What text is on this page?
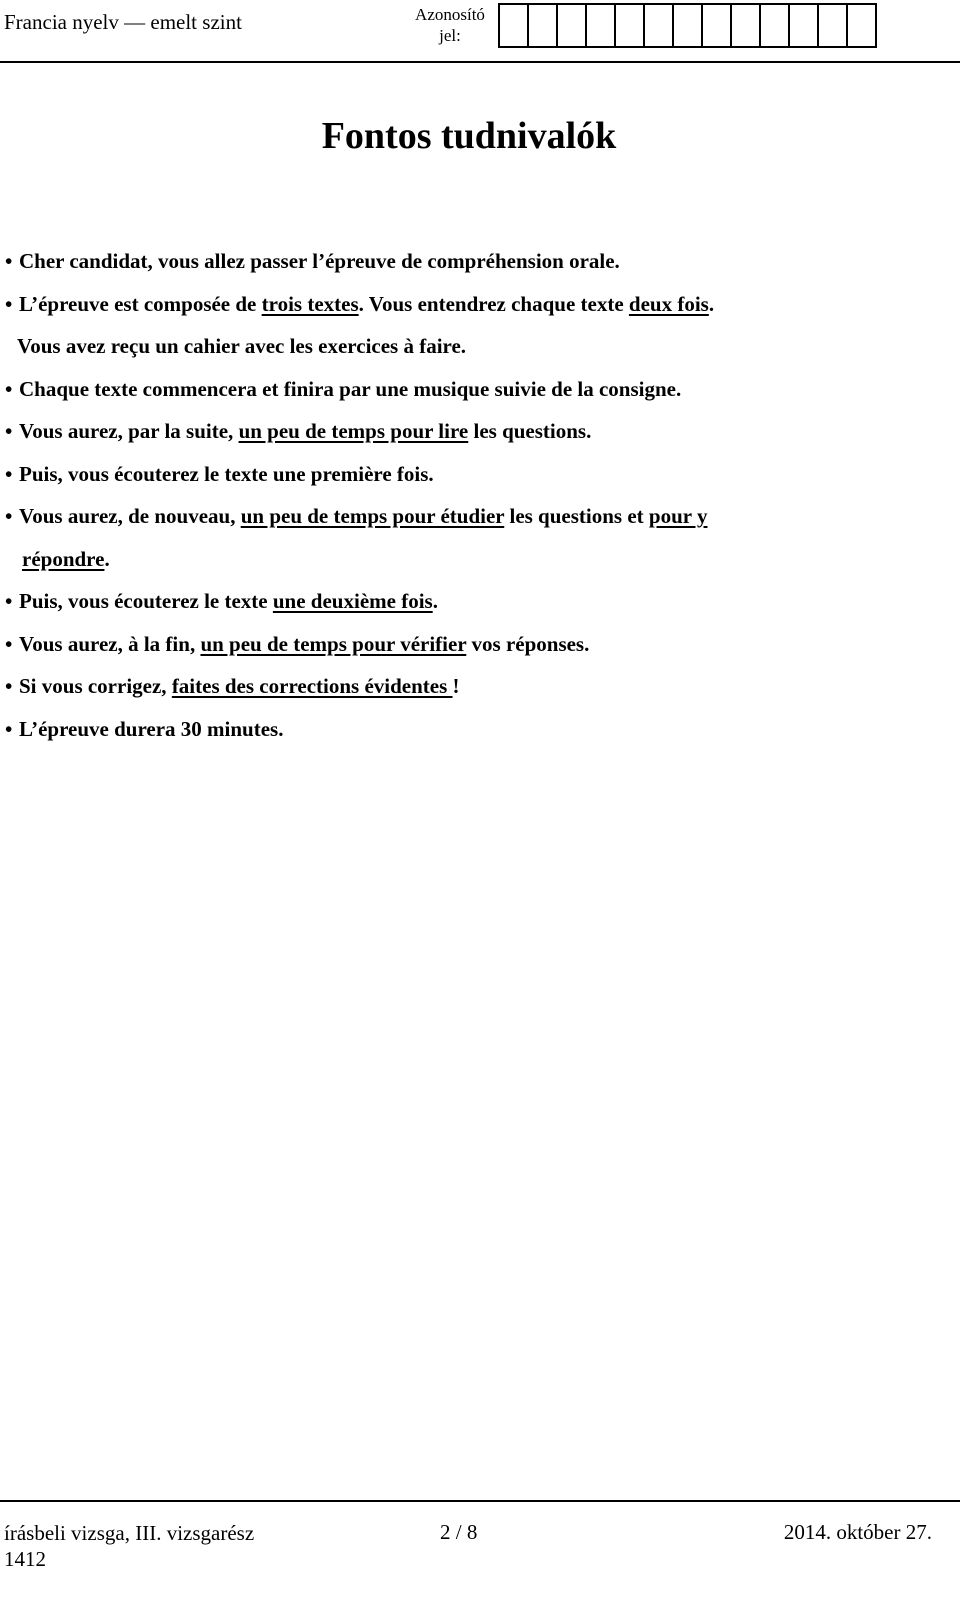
Francia nyelv — emelt szint	Azonosító
jel:
Fontos tudnivalók
• Cher candidat, vous allez passer l’épreuve de compréhension orale.
• L’épreuve est composée de trois textes. Vous entendrez chaque texte deux fois.
Vous avez reçu un cahier avec les exercices à faire.
• Chaque texte commencera et finira par une musique suivie de la consigne.
• Vous aurez, par la suite, un peu de temps pour lire les questions.
• Puis, vous écouterez le texte une première fois.
• Vous aurez, de nouveau, un peu de temps pour étudier les questions et pour y
répondre.
• Puis, vous écouterez le texte une deuxième fois.
• Vous aurez, à la fin, un peu de temps pour vérifier vos réponses.
• Si vous corrigez, faites des corrections évidentes !
• L’épreuve durera 30 minutes.
írásbeli vizsga, III. vizsgarész
1412
2 / 8	2014. október 27.
